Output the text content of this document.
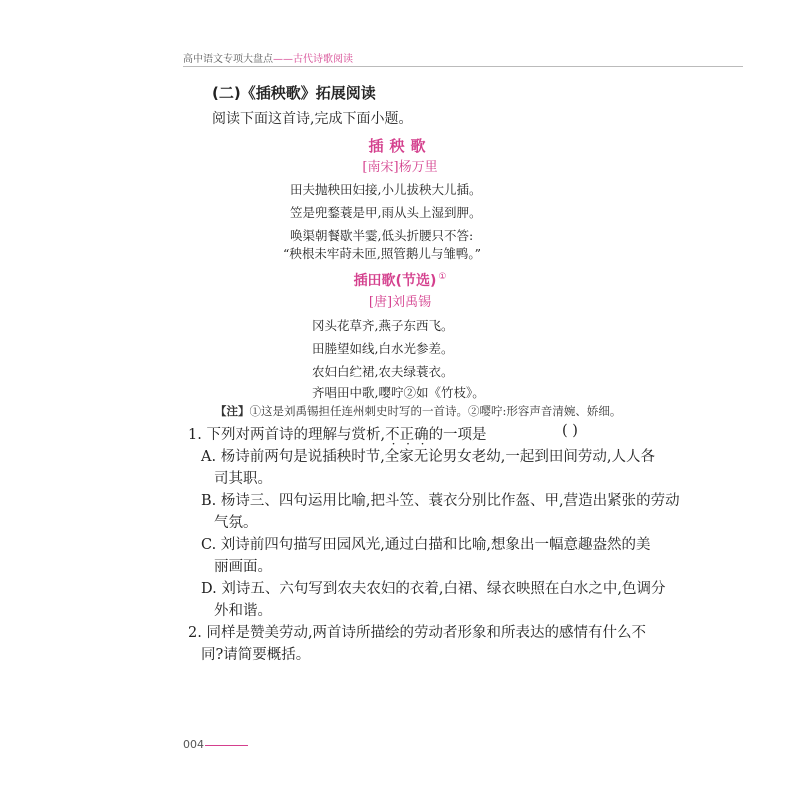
高中语文专项大盘点——古代诗歌阅读
(二)《插秧歌》拓展阅读
阅读下面这首诗,完成下面小题。
插秧歌
[南宋]杨万里
田夫抛秧田妇接,小儿拔秧大儿插。
笠是兜鍪蓑是甲,雨从头上湿到胛。
唤渠朝餐歇半霎,低头折腰只不答:
“秧根未牢莳未匝,照管鹅儿与雏鸭。”
插田歌(节选) ①
[唐]刘禹锡
冈头花草齐,燕子东西飞。
田塍望如线,白水光参差。
农妇白纻裙,农夫绿蓑衣。
齐唱田中歌,嘤咛②如《竹枝》。
【注】①这是刘禹锡担任连州刺史时写的一首诗。②嘤咛:形容声音清婉、娇细。
1. 下列对两首诗的理解与赏析,不正确的一项是	( )
A. 杨诗前两句是说插秧时节,全家无论男女老幼,一起到田间劳动,人人各
司其职。
B. 杨诗三、四句运用比喻,把斗笠、蓑衣分别比作盔、甲,营造出紧张的劳动
气氛。
C. 刘诗前四句描写田园风光,通过白描和比喻,想象出一幅意趣盎然的美
丽画面。
D. 刘诗五、六句写到农夫农妇的衣着,白裙、绿衣映照在白水之中,色调分
外和谐。
2. 同样是赞美劳动,两首诗所描绘的劳动者形象和所表达的感情有什么不
同?请简要概括。
004
